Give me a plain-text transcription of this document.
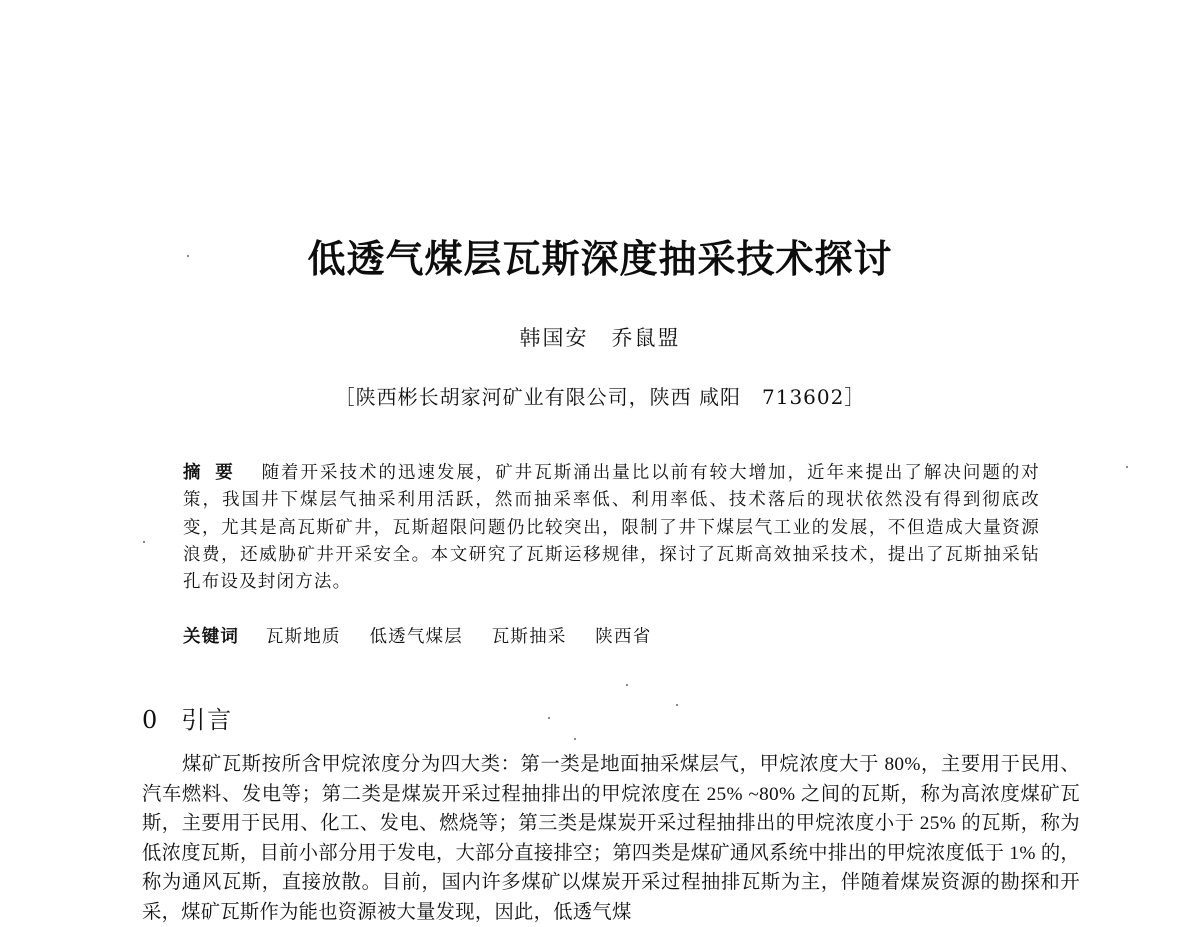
低透气煤层瓦斯深度抽采技术探讨
韩国安　乔鼠盟
［陕西彬长胡家河矿业有限公司，陕西 咸阳　713602］
摘要 随着开采技术的迅速发展，矿井瓦斯涌出量比以前有较大增加，近年来提出了解决问题的对策，我国井下煤层气抽采利用活跃，然而抽采率低、利用率低、技术落后的现状依然没有得到彻底改变，尤其是高瓦斯矿井，瓦斯超限问题仍比较突出，限制了井下煤层气工业的发展，不但造成大量资源浪费，还威胁矿井开采安全。本文研究了瓦斯运移规律，探讨了瓦斯高效抽采技术，提出了瓦斯抽采钻孔布设及封闭方法。
关键词 瓦斯地质 低透气煤层 瓦斯抽采 陕西省
0 引言
煤矿瓦斯按所含甲烷浓度分为四大类：第一类是地面抽采煤层气，甲烷浓度大于 80%，主要用于民用、汽车燃料、发电等；第二类是煤炭开采过程抽排出的甲烷浓度在 25% ~80% 之间的瓦斯，称为高浓度煤矿瓦斯，主要用于民用、化工、发电、燃烧等；第三类是煤炭开采过程抽排出的甲烷浓度小于 25% 的瓦斯，称为低浓度瓦斯，目前小部分用于发电，大部分直接排空；第四类是煤矿通风系统中排出的甲烷浓度低于 1% 的，称为通风瓦斯，直接放散。目前，国内许多煤矿以煤炭开采过程抽排瓦斯为主，伴随着煤炭资源的勘探和开采，煤矿瓦斯作为能也资源被大量发现，因此，低透气煤
